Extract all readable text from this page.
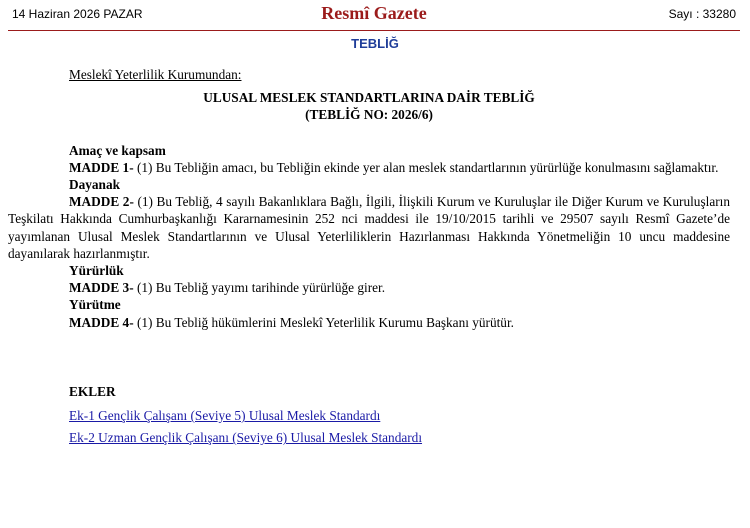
14 Haziran 2026 PAZAR	Resmî Gazete	Sayı : 33280
TEBLİĞ
Meslekî Yeterlilik Kurumundan:

ULUSAL MESLEK STANDARTLARINA DAİR TEBLİĞ

(TEBLİĞ NO: 2026/6)

Amaç ve kapsam

MADDE 1- (1) Bu Tebliğin amacı, bu Tebliğin ekinde yer alan meslek standartlarının yürürlüğe konulmasını sağlamaktır.

Dayanak

MADDE 2- (1) Bu Tebliğ, 4 sayılı Bakanlıklara Bağlı, İlgili, İlişkili Kurum ve Kuruluşlar ile Diğer Kurum ve Kuruluşların Teşkilatı Hakkında Cumhurbaşkanlığı Kararnamesinin 252 nci maddesi ile 19/10/2015 tarihli ve 29507 sayılı Resmî Gazete’de yayımlanan Ulusal Meslek Standartlarının ve Ulusal Yeterliliklerin Hazırlanması Hakkında Yönetmeliğin 10 uncu maddesine dayanılarak hazırlanmıştır.

Yürürlük

MADDE 3- (1) Bu Tebliğ yayımı tarihinde yürürlüğe girer.

Yürütme

MADDE 4- (1) Bu Tebliğ hükümlerini Meslekî Yeterlilik Kurumu Başkanı yürütür.

EKLER
Ek-1 Gençlik Çalışanı (Seviye 5) Ulusal Meslek Standardı
Ek-2 Uzman Gençlik Çalışanı (Seviye 6) Ulusal Meslek Standardı
